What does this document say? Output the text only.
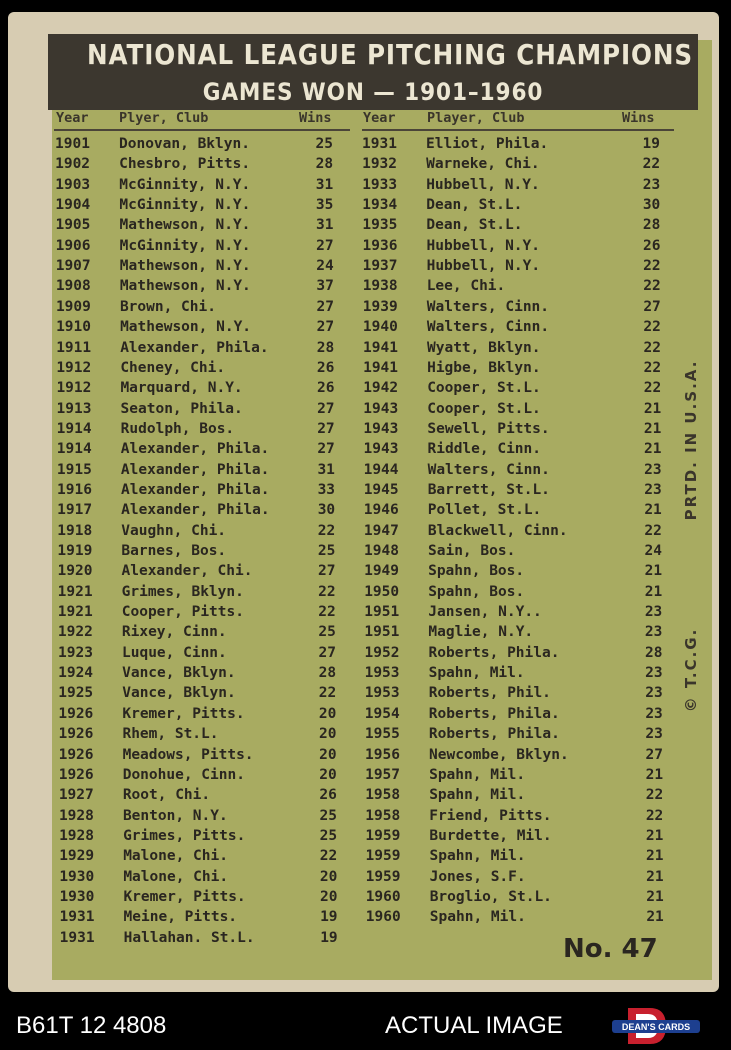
NATIONAL LEAGUE PITCHING CHAMPIONS
GAMES WON — 1901–1960
Year Plyer, Club	Wins Year Player, Club	Wins
1901 Donovan, Bklyn.	25
1902 Chesbro, Pitts.	28
1903 McGinnity, N.Y.	31
1904 McGinnity, N.Y.	35
1905 Mathewson, N.Y.	31
1906 McGinnity, N.Y.	27
1907 Mathewson, N.Y.	24
1908 Mathewson, N.Y.	37
1909 Brown, Chi.	27
1910 Mathewson, N.Y.	27
1911 Alexander, Phila.	28
1912 Cheney, Chi.	26
1912 Marquard, N.Y.	26
1913 Seaton, Phila.	27
1914 Rudolph, Bos.	27
1914 Alexander, Phila.	27
1915 Alexander, Phila.	31
1916 Alexander, Phila.	33
1917 Alexander, Phila.	30
1918 Vaughn, Chi.	22
1919 Barnes, Bos.	25
1920 Alexander, Chi.	27
1921 Grimes, Bklyn.	22
1921 Cooper, Pitts.	22
1922 Rixey, Cinn.	25
1923 Luque, Cinn.	27
1924 Vance, Bklyn.	28
1925 Vance, Bklyn.	22
1926 Kremer, Pitts.	20
1926 Rhem, St.L.	20
1926 Meadows, Pitts.	20
1926 Donohue, Cinn.	20
1927 Root, Chi.	26
1928 Benton, N.Y.	25
1928 Grimes, Pitts.	25
1929 Malone, Chi.	22
1930 Malone, Chi.	20
1930 Kremer, Pitts.	20
1931 Meine, Pitts.	19
1931 Hallahan. St.L.	19
1931 Elliot, Phila.	19
1932 Warneke, Chi.	22
1933 Hubbell, N.Y.	23
1934 Dean, St.L.	30
1935 Dean, St.L.	28
1936 Hubbell, N.Y.	26
1937 Hubbell, N.Y.	22
1938 Lee, Chi.	22
1939 Walters, Cinn.	27
1940 Walters, Cinn.	22
1941 Wyatt, Bklyn.	22
1941 Higbe, Bklyn.	22
1942 Cooper, St.L.	22
1943 Cooper, St.L.	21
1943 Sewell, Pitts.	21
1943 Riddle, Cinn.	21
1944 Walters, Cinn.	23
1945 Barrett, St.L.	23
1946 Pollet, St.L.	21
1947 Blackwell, Cinn.	22
1948 Sain, Bos.	24
1949 Spahn, Bos.	21
1950 Spahn, Bos.	21
1951 Jansen, N.Y..	23
1951 Maglie, N.Y.	23
1952 Roberts, Phila.	28
1953 Spahn, Mil.	23
1953 Roberts, Phil.	23
1954 Roberts, Phila.	23
1955 Roberts, Phila.	23
1956 Newcombe, Bklyn.	27
1957 Spahn, Mil.	21
1958 Spahn, Mil.	22
1958 Friend, Pitts.	22
1959 Burdette, Mil.	21
1959 Spahn, Mil.	21
1959 Jones, S.F.	21
1960 Broglio, St.L.	21
1960 Spahn, Mil.	21
PRTD. IN U.S.A.
© T.C.G.
No. 47
B61T 12 4808	ACTUAL IMAGE	DEAN'S CARDS
